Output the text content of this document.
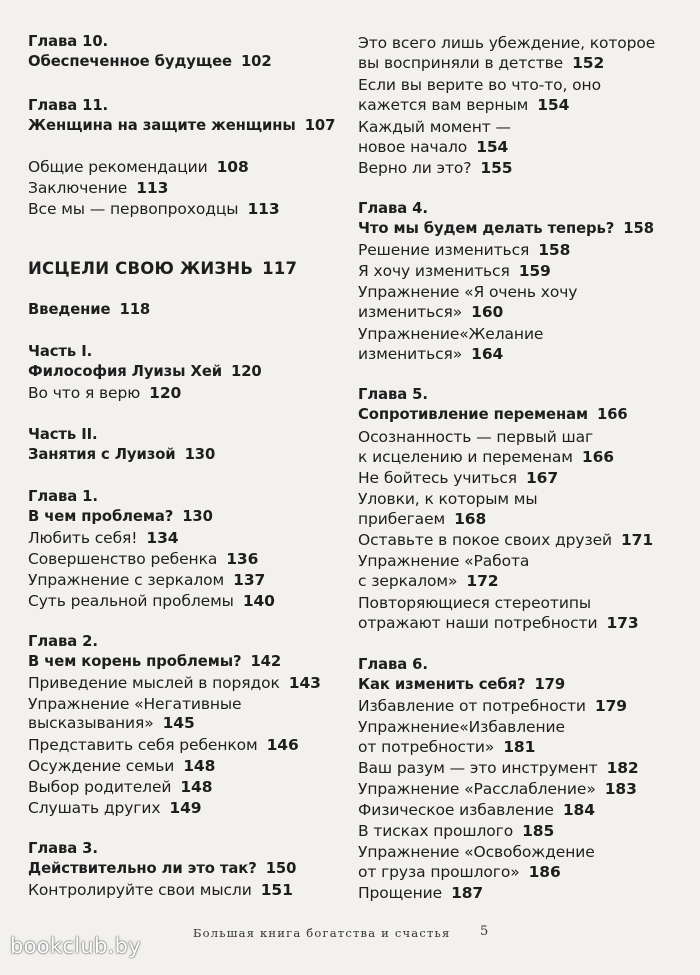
Глава 10.
Обеспеченное будущее 102
Глава 11.
Женщина на защите женщины 107
Общие рекомендации 108
Заключение 113
Все мы — первопроходцы 113
ИСЦЕЛИ СВОЮ ЖИЗНЬ 117
Введение 118
Часть I.
Философия Луизы Хей 120
Во что я верю 120
Часть II.
Занятия с Луизой 130
Глава 1.
В чем проблема? 130
Любить себя! 134
Совершенство ребенка 136
Упражнение с зеркалом 137
Суть реальной проблемы 140
Глава 2.
В чем корень проблемы? 142
Приведение мыслей в порядок 143
Упражнение «Негативные
высказывания» 145
Представить себя ребенком 146
Осуждение семьи 148
Выбор родителей 148
Слушать других 149
Глава 3.
Действительно ли это так? 150
Контролируйте свои мысли 151
Это всего лишь убеждение, которое
вы восприняли в детстве 152
Если вы верите во что-то, оно
кажется вам верным 154
Каждый момент —
новое начало 154
Верно ли это? 155
Глава 4.
Что мы будем делать теперь? 158
Решение измениться 158
Я хочу измениться 159
Упражнение «Я очень хочу
измениться» 160
Упражнение«Желание
измениться» 164
Глава 5.
Сопротивление переменам 166
Осознанность — первый шаг
к исцелению и переменам 166
Не бойтесь учиться 167
Уловки, к которым мы
прибегаем 168
Оставьте в покое своих друзей 171
Упражнение «Работа
с зеркалом» 172
Повторяющиеся стереотипы
отражают наши потребности 173
Глава 6.
Как изменить себя? 179
Избавление от потребности 179
Упражнение«Избавление
от потребности» 181
Ваш разум — это инструмент 182
Упражнение «Расслабление» 183
Физическое избавление 184
В тисках прошлого 185
Упражнение «Освобождение
от груза прошлого» 186
Прощение 187
Большая книга богатства и счастья 5
bookclub.by
